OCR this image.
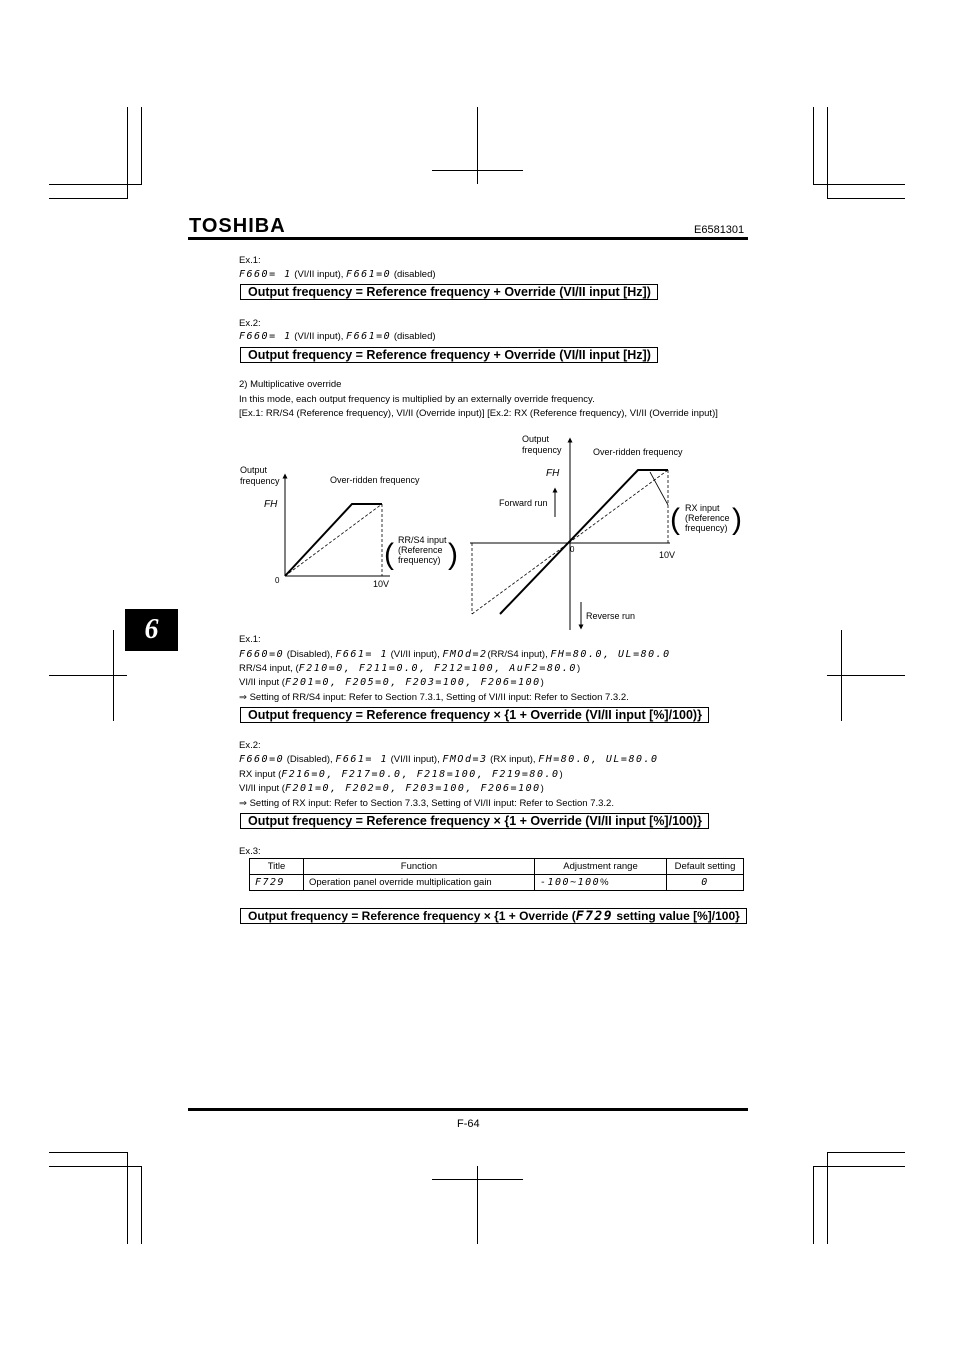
TOSHIBA	E6581301
6
Ex.1:
F660= 1 (VI/II input), F661=0 (disabled)
Output frequency = Reference frequency + Override (VI/II input [Hz])
Ex.2:
F660= 1 (VI/II input), F661=0 (disabled)
Output frequency = Reference frequency + Override (VI/II input [Hz])
2) Multiplicative override
In this mode, each output frequency is multiplied by an externally override frequency.
[Ex.1: RR/S4 (Reference frequency), VI/II (Override input)] [Ex.2: RX (Reference frequency), VI/II (Override input)]
Output
frequency	Over-ridden frequency
FH
0	10V
( RR/S4 input
(Reference
frequency) )
Output
frequency	Over-ridden frequency
FH
Forward run
0
10V
Reverse run
( RX input
(Reference
frequency) )
Ex.1:
F660=0 (Disabled), F661= 1 (VI/II input), FMOd=2(RR/S4 input), FH=80.0, UL=80.0
RR/S4 input, (F210=0, F211=0.0, F212=100, AuF2=80.0)
VI/II input (F201=0, F205=0, F203=100, F206=100)
⇒ Setting of RR/S4 input: Refer to Section 7.3.1, Setting of VI/II input: Refer to Section 7.3.2.
Output frequency = Reference frequency × {1 + Override (VI/II input [%]/100)}
Ex.2:
F660=0 (Disabled), F661= 1 (VI/II input), FMOd=3 (RX input), FH=80.0, UL=80.0
RX input (F216=0, F217=0.0, F218=100, F219=80.0)
VI/II input (F201=0, F202=0, F203=100, F206=100)
⇒ Setting of RX input: Refer to Section 7.3.3, Setting of VI/II input: Refer to Section 7.3.2.
Output frequency = Reference frequency × {1 + Override (VI/II input [%]/100)}
Ex.3:
Title	Function	Adjustment range	Default setting
F729	Operation panel override multiplication gain	-100~100%	0
Output frequency = Reference frequency × {1 + Override (F729 setting value [%]/100}
F-64
